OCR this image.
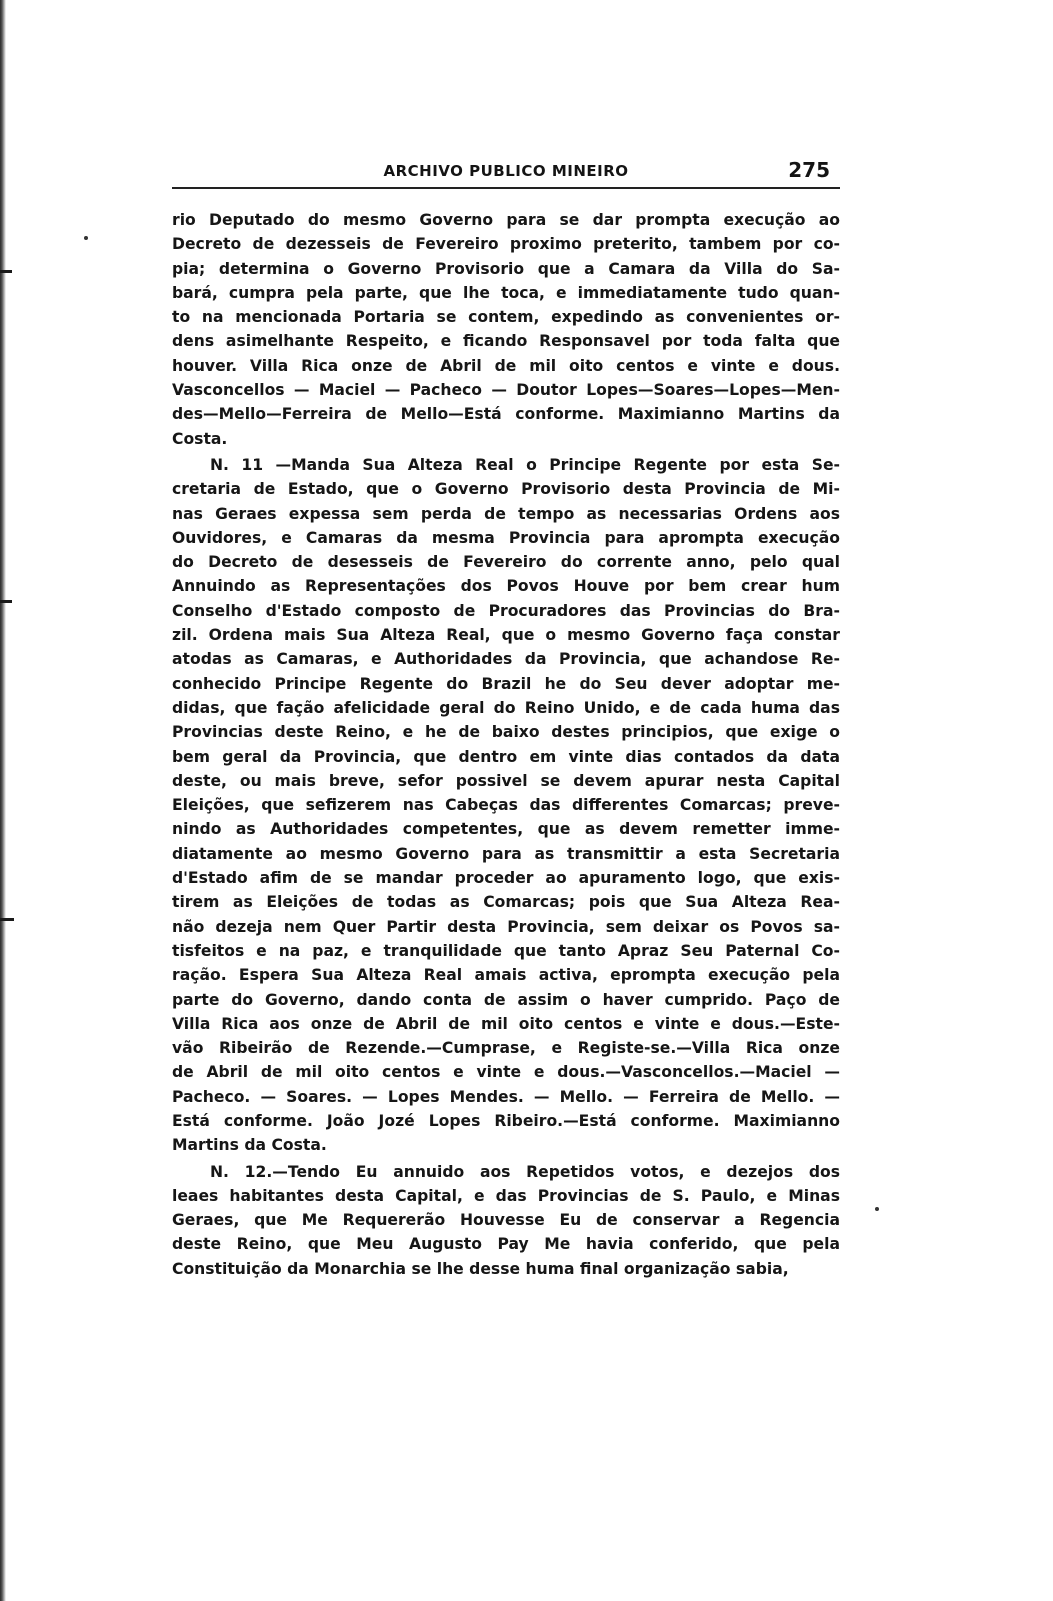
ARCHIVO PUBLICO MINEIRO	275
rio Deputado do mesmo Governo para se dar prompta execução ao
Decreto de dezesseis de Fevereiro proximo preterito, tambem por co-
pia; determina o Governo Provisorio que a Camara da Villa do Sa-
bará, cumpra pela parte, que lhe toca, e immediatamente tudo quan-
to na mencionada Portaria se contem, expedindo as convenientes or-
dens asimelhante Respeito, e ficando Responsavel por toda falta que
houver. Villa Rica onze de Abril de mil oito centos e vinte e dous.
Vasconcellos — Maciel — Pacheco — Doutor Lopes—Soares—Lopes—Men-
des—Mello—Ferreira de Mello—Está conforme. Maximianno Martins da
Costa.
N. 11 —Manda Sua Alteza Real o Principe Regente por esta Se-
cretaria de Estado, que o Governo Provisorio desta Provincia de Mi-
nas Geraes expessa sem perda de tempo as necessarias Ordens aos
Ouvidores, e Camaras da mesma Provincia para aprompta execução
do Decreto de desesseis de Fevereiro do corrente anno, pelo qual
Annuindo as Representações dos Povos Houve por bem crear hum
Conselho d'Estado composto de Procuradores das Provincias do Bra-
zil. Ordena mais Sua Alteza Real, que o mesmo Governo faça constar
atodas as Camaras, e Authoridades da Provincia, que achandose Re-
conhecido Principe Regente do Brazil he do Seu dever adoptar me-
didas, que fação afelicidade geral do Reino Unido, e de cada huma das
Provincias deste Reino, e he de baixo destes principios, que exige o
bem geral da Provincia, que dentro em vinte dias contados da data
deste, ou mais breve, sefor possivel se devem apurar nesta Capital
Eleições, que sefizerem nas Cabeças das differentes Comarcas; preve-
nindo as Authoridades competentes, que as devem remetter imme-
diatamente ao mesmo Governo para as transmittir a esta Secretaria
d'Estado afim de se mandar proceder ao apuramento logo, que exis-
tirem as Eleições de todas as Comarcas; pois que Sua Alteza Rea-
não dezeja nem Quer Partir desta Provincia, sem deixar os Povos sa-
tisfeitos e na paz, e tranquilidade que tanto Apraz Seu Paternal Co-
ração. Espera Sua Alteza Real amais activa, eprompta execução pela
parte do Governo, dando conta de assim o haver cumprido. Paço de
Villa Rica aos onze de Abril de mil oito centos e vinte e dous.—Este-
vão Ribeirão de Rezende.—Cumprase, e Registe-se.—Villa Rica onze
de Abril de mil oito centos e vinte e dous.—Vasconcellos.—Maciel —
Pacheco. — Soares. — Lopes Mendes. — Mello. — Ferreira de Mello. —
Está conforme. João Jozé Lopes Ribeiro.—Está conforme. Maximianno
Martins da Costa.
N. 12.—Tendo Eu annuido aos Repetidos votos, e dezejos dos
leaes habitantes desta Capital, e das Provincias de S. Paulo, e Minas
Geraes, que Me Requererão Houvesse Eu de conservar a Regencia
deste Reino, que Meu Augusto Pay Me havia conferido, que pela
Constituição da Monarchia se lhe desse huma final organização sabia,
